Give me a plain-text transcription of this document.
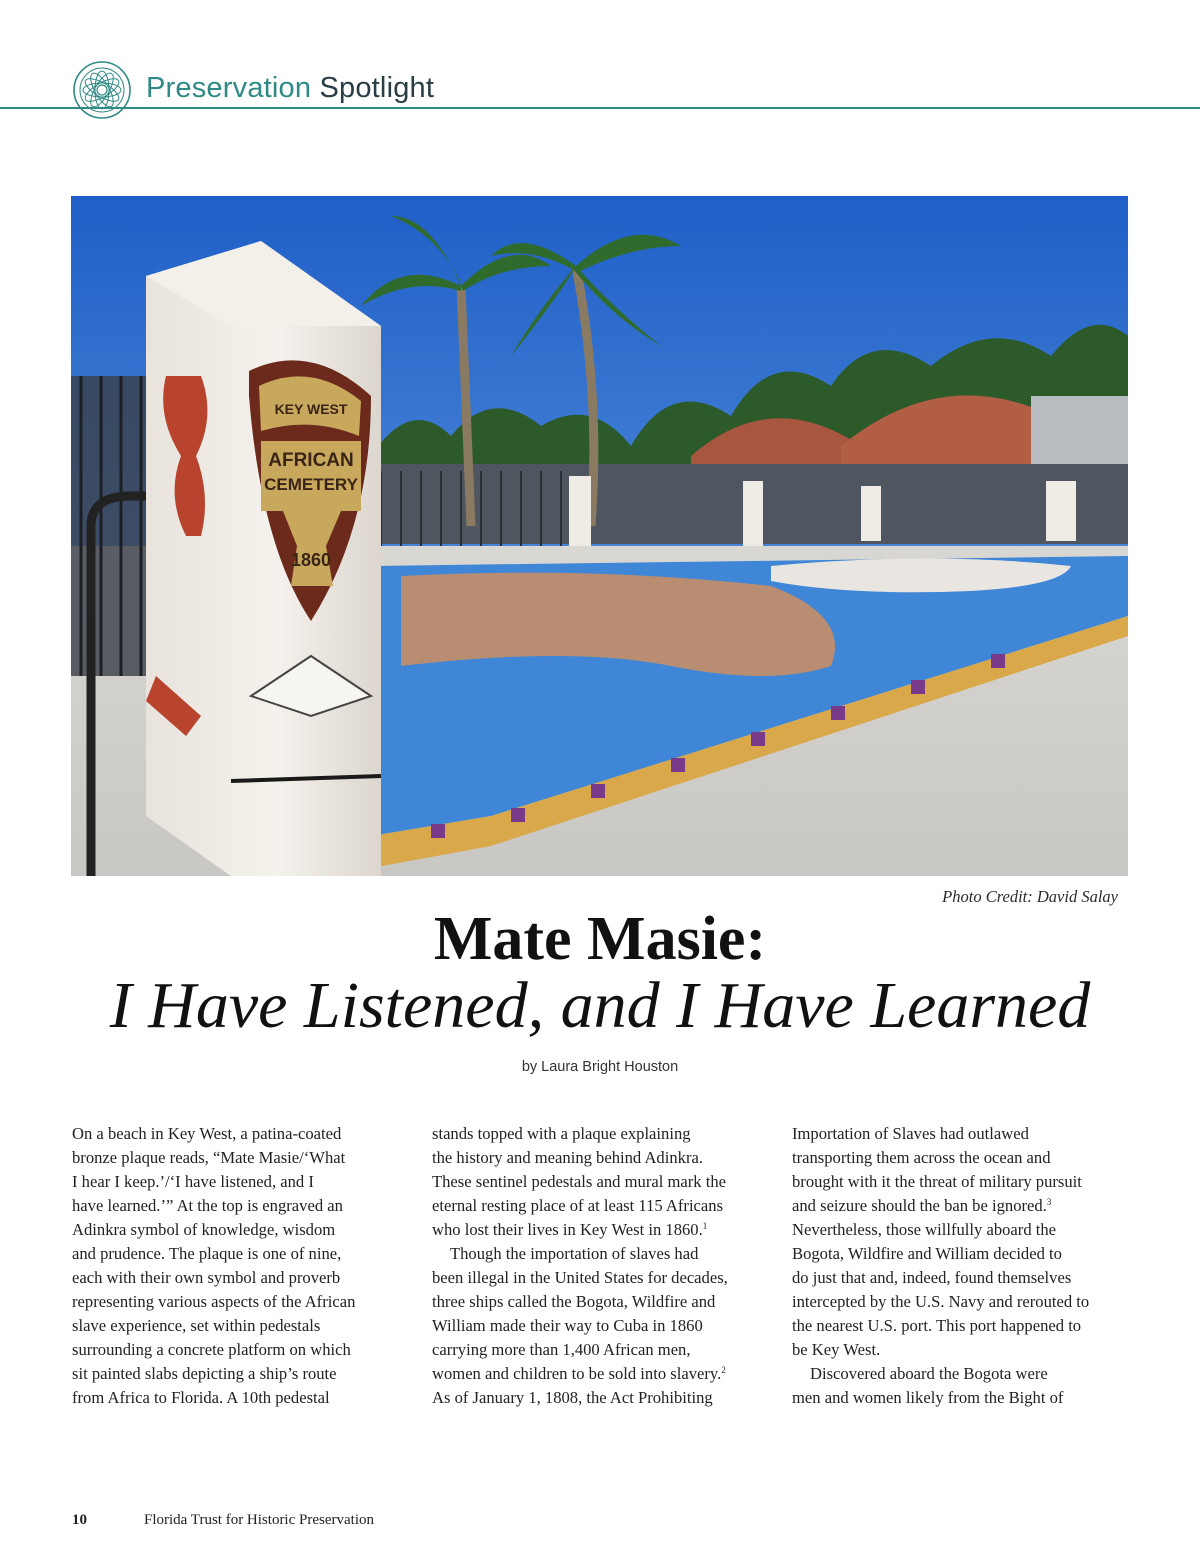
Preservation Spotlight
KEY WEST
AFRICAN
CEMETERY
1860
Photo Credit: David Salay
Mate Masie:
I Have Listened, and I Have Learned
by Laura Bright Houston
On a beach in Key West, a patina-coated
bronze plaque reads, “Mate Masie/‘What
I hear I keep.’/‘I have listened, and I
have learned.’” At the top is engraved an
Adinkra symbol of knowledge, wisdom
and prudence. The plaque is one of nine,
each with their own symbol and proverb
representing various aspects of the African
slave experience, set within pedestals
surrounding a concrete platform on which
sit painted slabs depicting a ship’s route
from Africa to Florida. A 10th pedestal
stands topped with a plaque explaining
the history and meaning behind Adinkra.
These sentinel pedestals and mural mark the
eternal resting place of at least 115 Africans
who lost their lives in Key West in 1860.$^1$
Though the importation of slaves had
been illegal in the United States for decades,
three ships called the Bogota, Wildfire and
William made their way to Cuba in 1860
carrying more than 1,400 African men,
women and children to be sold into slavery.$^2$
As of January 1, 1808, the Act Prohibiting
Importation of Slaves had outlawed
transporting them across the ocean and
brought with it the threat of military pursuit
and seizure should the ban be ignored.$^3$
Nevertheless, those willfully aboard the
Bogota, Wildfire and William decided to
do just that and, indeed, found themselves
intercepted by the U.S. Navy and rerouted to
the nearest U.S. port. This port happened to
be Key West.
Discovered aboard the Bogota were
men and women likely from the Bight of
10	Florida Trust for Historic Preservation
